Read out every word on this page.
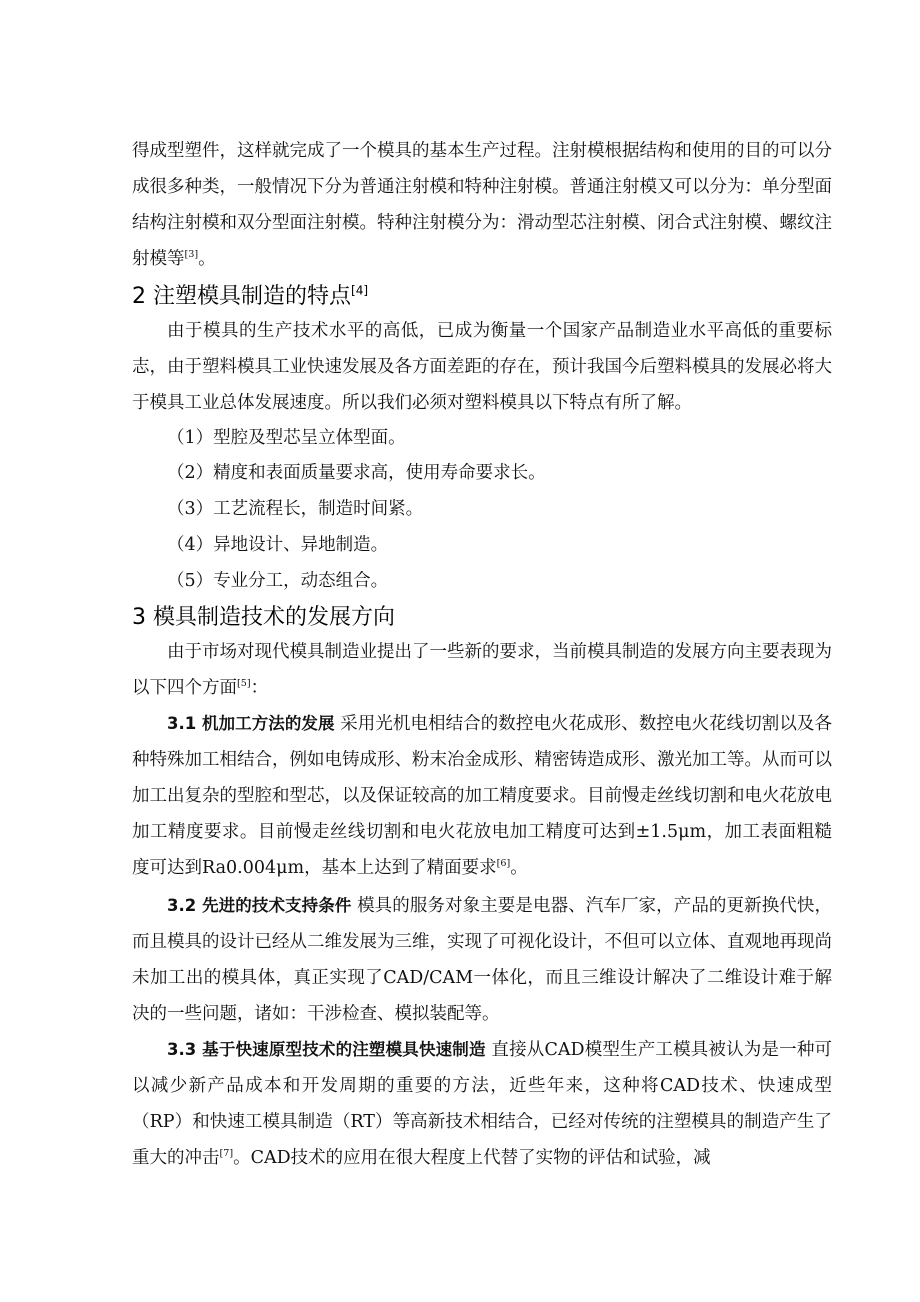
得成型塑件，这样就完成了一个模具的基本生产过程。注射模根据结构和使用的目的可以分成很多种类，一般情况下分为普通注射模和特种注射模。普通注射模又可以分为：单分型面结构注射模和双分型面注射模。特种注射模分为：滑动型芯注射模、闭合式注射模、螺纹注射模等[3]。

2 注塑模具制造的特点[4]

由于模具的生产技术水平的高低，已成为衡量一个国家产品制造业水平高低的重要标志，由于塑料模具工业快速发展及各方面差距的存在，预计我国今后塑料模具的发展必将大于模具工业总体发展速度。所以我们必须对塑料模具以下特点有所了解。

（1）型腔及型芯呈立体型面。

（2）精度和表面质量要求高，使用寿命要求长。

（3）工艺流程长，制造时间紧。

（4）异地设计、异地制造。

（5）专业分工，动态组合。

3 模具制造技术的发展方向

由于市场对现代模具制造业提出了一些新的要求，当前模具制造的发展方向主要表现为以下四个方面[5]：

3.1 机加工方法的发展 采用光机电相结合的数控电火花成形、数控电火花线切割以及各种特殊加工相结合，例如电铸成形、粉末冶金成形、精密铸造成形、激光加工等。从而可以加工出复杂的型腔和型芯，以及保证较高的加工精度要求。目前慢走丝线切割和电火花放电加工精度要求。目前慢走丝线切割和电火花放电加工精度可达到±1.5μm，加工表面粗糙度可达到Ra0.004μm，基本上达到了精面要求[6]。

3.2 先进的技术支持条件 模具的服务对象主要是电器、汽车厂家，产品的更新换代快，而且模具的设计已经从二维发展为三维，实现了可视化设计，不但可以立体、直观地再现尚未加工出的模具体，真正实现了CAD/CAM一体化，而且三维设计解决了二维设计难于解决的一些问题，诸如：干涉检查、模拟装配等。

3.3 基于快速原型技术的注塑模具快速制造 直接从CAD模型生产工模具被认为是一种可以减少新产品成本和开发周期的重要的方法，近些年来，这种将CAD技术、快速成型（RP）和快速工模具制造（RT）等高新技术相结合，已经对传统的注塑模具的制造产生了重大的冲击[7]。CAD技术的应用在很大程度上代替了实物的评估和试验，减
